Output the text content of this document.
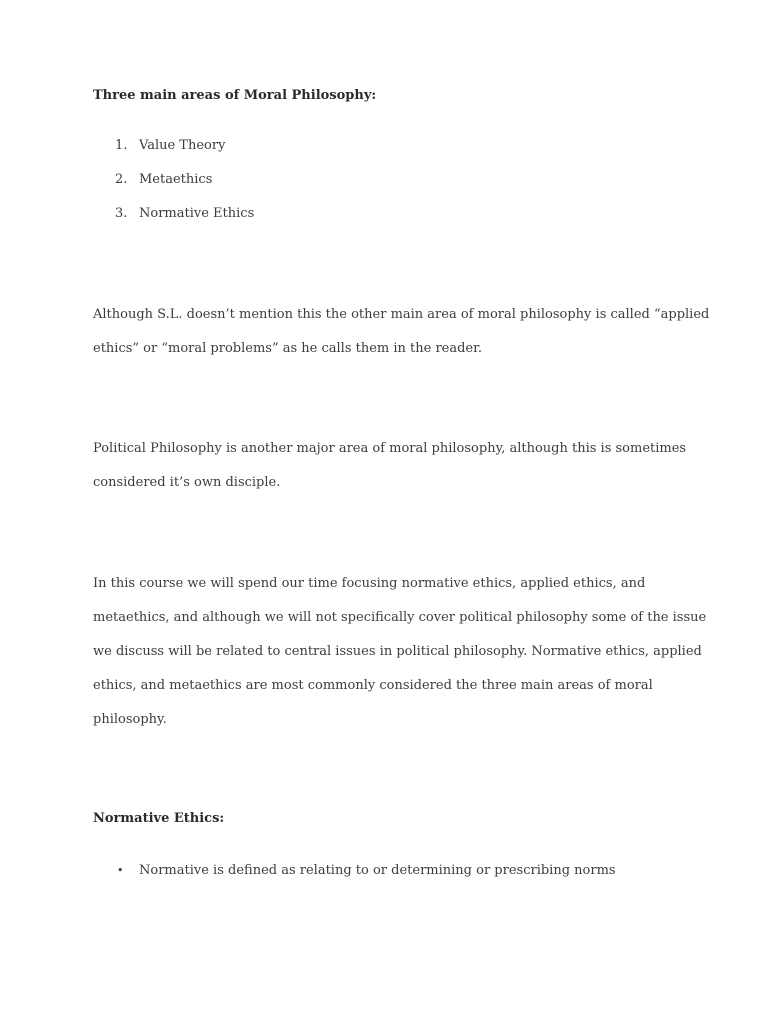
Three main areas of Moral Philosophy:
1. Value Theory
2. Metaethics
3. Normative Ethics
Although S.L. doesn’t mention this the other main area of moral philosophy is called “applied
ethics” or “moral problems” as he calls them in the reader.
Political Philosophy is another major area of moral philosophy, although this is sometimes
considered it’s own disciple.
In this course we will spend our time focusing normative ethics, applied ethics, and
metaethics, and although we will not specifically cover political philosophy some of the issue
we discuss will be related to central issues in political philosophy. Normative ethics, applied
ethics, and metaethics are most commonly considered the three main areas of moral
philosophy.
Normative Ethics:
• Normative is defined as relating to or determining or prescribing norms
